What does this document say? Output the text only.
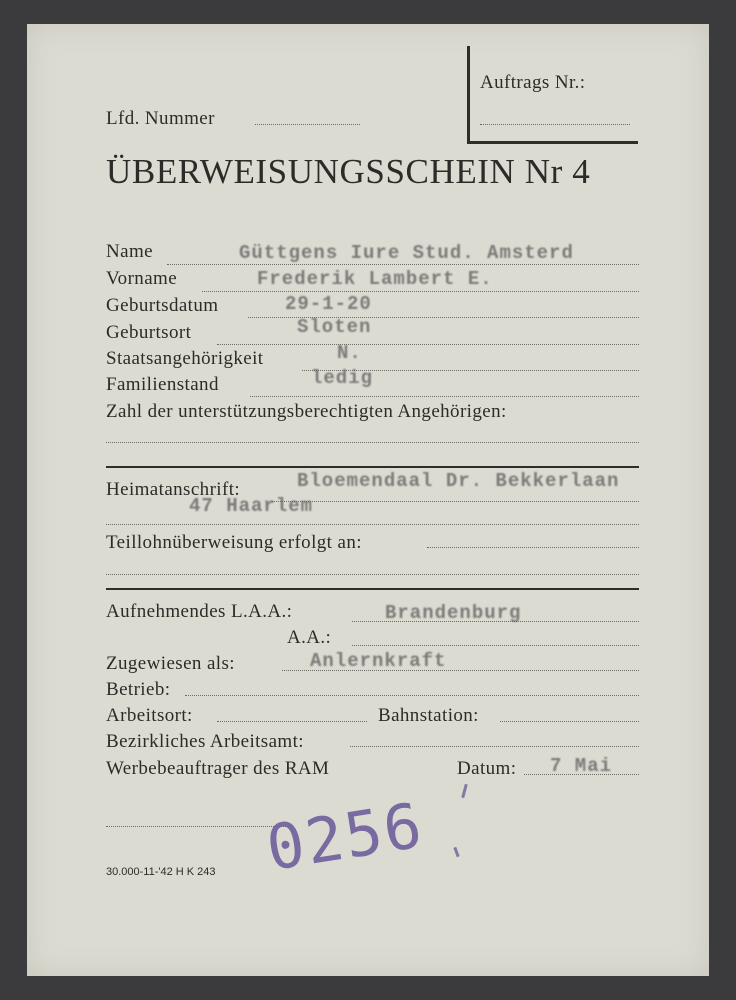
Auftrags Nr.:
Lfd. Nummer
ÜBERWEISUNGSSCHEIN Nr 4
Name	Güttgens Iure Stud. Amsterd
Vorname	Frederik Lambert E.
Geburtsdatum	29-1-20
Geburtsort	Sloten
Staatsangehörigkeit	N.
Familienstand	ledig
Zahl der unterstützungsberechtigten Angehörigen:
Heimatanschrift:	Bloemendaal Dr. Bekkerlaan
47 Haarlem
Teillohnüberweisung erfolgt an:
Aufnehmendes L.A.A.:	Brandenburg
A.A.:
Zugewiesen als:	Anlernkraft
Betrieb:
Arbeitsort:	Bahnstation:
Bezirkliches Arbeitsamt:
Werbebeauftrager des RAM	Datum: 7 Mai
0256
30.000-11-'42 H K 243
